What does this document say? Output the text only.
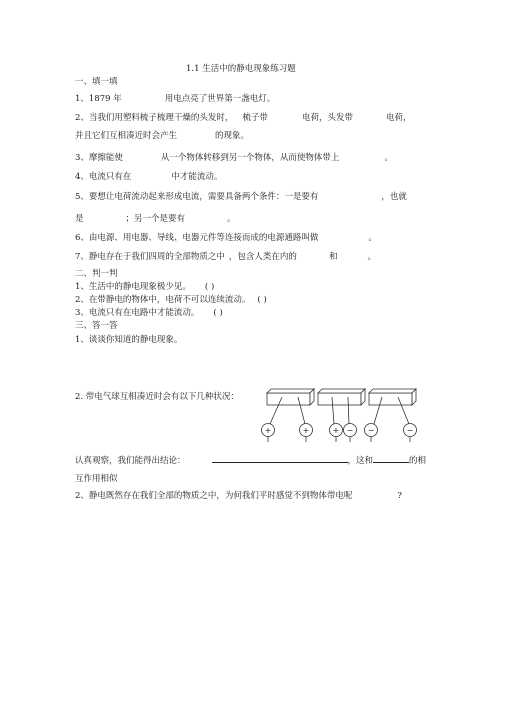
1.1 生活中的静电现象练习题
一、填一填
1、1879 年	用电点亮了世界第一盏电灯。
2、当我们用塑料梳子梳理干燥的头发时， 梳子带	电荷，头发带	电荷，
并且它们互相凑近时会产生	的现象。
3、摩擦能使	从一个物体转移到另一个物体，从而使物体带上	。
4、电流只有在	中才能流动。
5、要想让电荷流动起来形成电流，需要具备两个条件：一是要有	，也就
是	；另一个是要有	。
6、由电源、用电器、导线、电器元件等连接而成的电源通路叫做	。
7、静电存在于我们四周的全部物质之中 ，包含人类在内的	和	。
二、判一判
1、生活中的静电现象极少见。 ( )
2、在带静电的物体中，电荷不可以连续流动。 ( )
3、电流只有在电路中才能流动。 ( )
三、答一答
1、谈谈你知道的静电现象。
2. 带电气球互相凑近时会有以下几种状况：
+	+	+ − −	−
认真观察，我们能得出结论：	，这和	的相
互作用相似
2、静电既然存在我们全部的物质之中，为何我们平时感觉不到物体带电呢	?
